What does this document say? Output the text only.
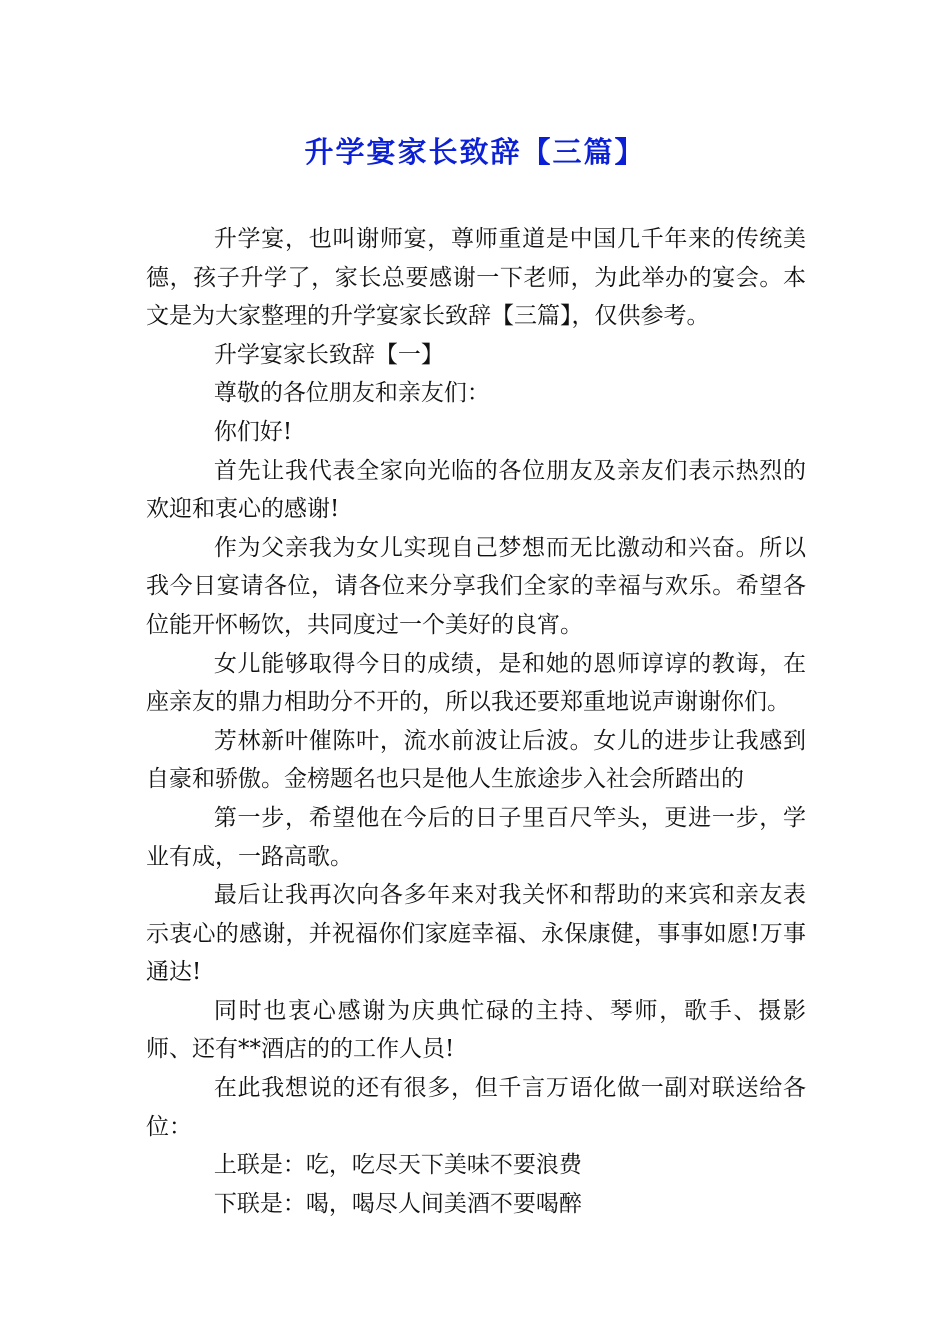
升学宴家长致辞【三篇】

升学宴，也叫谢师宴，尊师重道是中国几千年来的传统美德，孩子升学了，家长总要感谢一下老师，为此举办的宴会。本文是为大家整理的升学宴家长致辞【三篇】，仅供参考。

升学宴家长致辞【一】

尊敬的各位朋友和亲友们：

你们好!

首先让我代表全家向光临的各位朋友及亲友们表示热烈的欢迎和衷心的感谢!

作为父亲我为女儿实现自己梦想而无比激动和兴奋。所以我今日宴请各位，请各位来分享我们全家的幸福与欢乐。希望各位能开怀畅饮，共同度过一个美好的良宵。

女儿能够取得今日的成绩，是和她的恩师谆谆的教诲，在座亲友的鼎力相助分不开的，所以我还要郑重地说声谢谢你们。

芳林新叶催陈叶，流水前波让后波。女儿的进步让我感到自豪和骄傲。金榜题名也只是他人生旅途步入社会所踏出的

第一步，希望他在今后的日子里百尺竿头，更进一步，学业有成，一路高歌。

最后让我再次向各多年来对我关怀和帮助的来宾和亲友表示衷心的感谢，并祝福你们家庭幸福、永保康健，事事如愿!万事通达!

同时也衷心感谢为庆典忙碌的主持、琴师，歌手、摄影师、还有**酒店的的工作人员!

在此我想说的还有很多，但千言万语化做一副对联送给各位：

上联是：吃，吃尽天下美味不要浪费

下联是：喝，喝尽人间美酒不要喝醉
